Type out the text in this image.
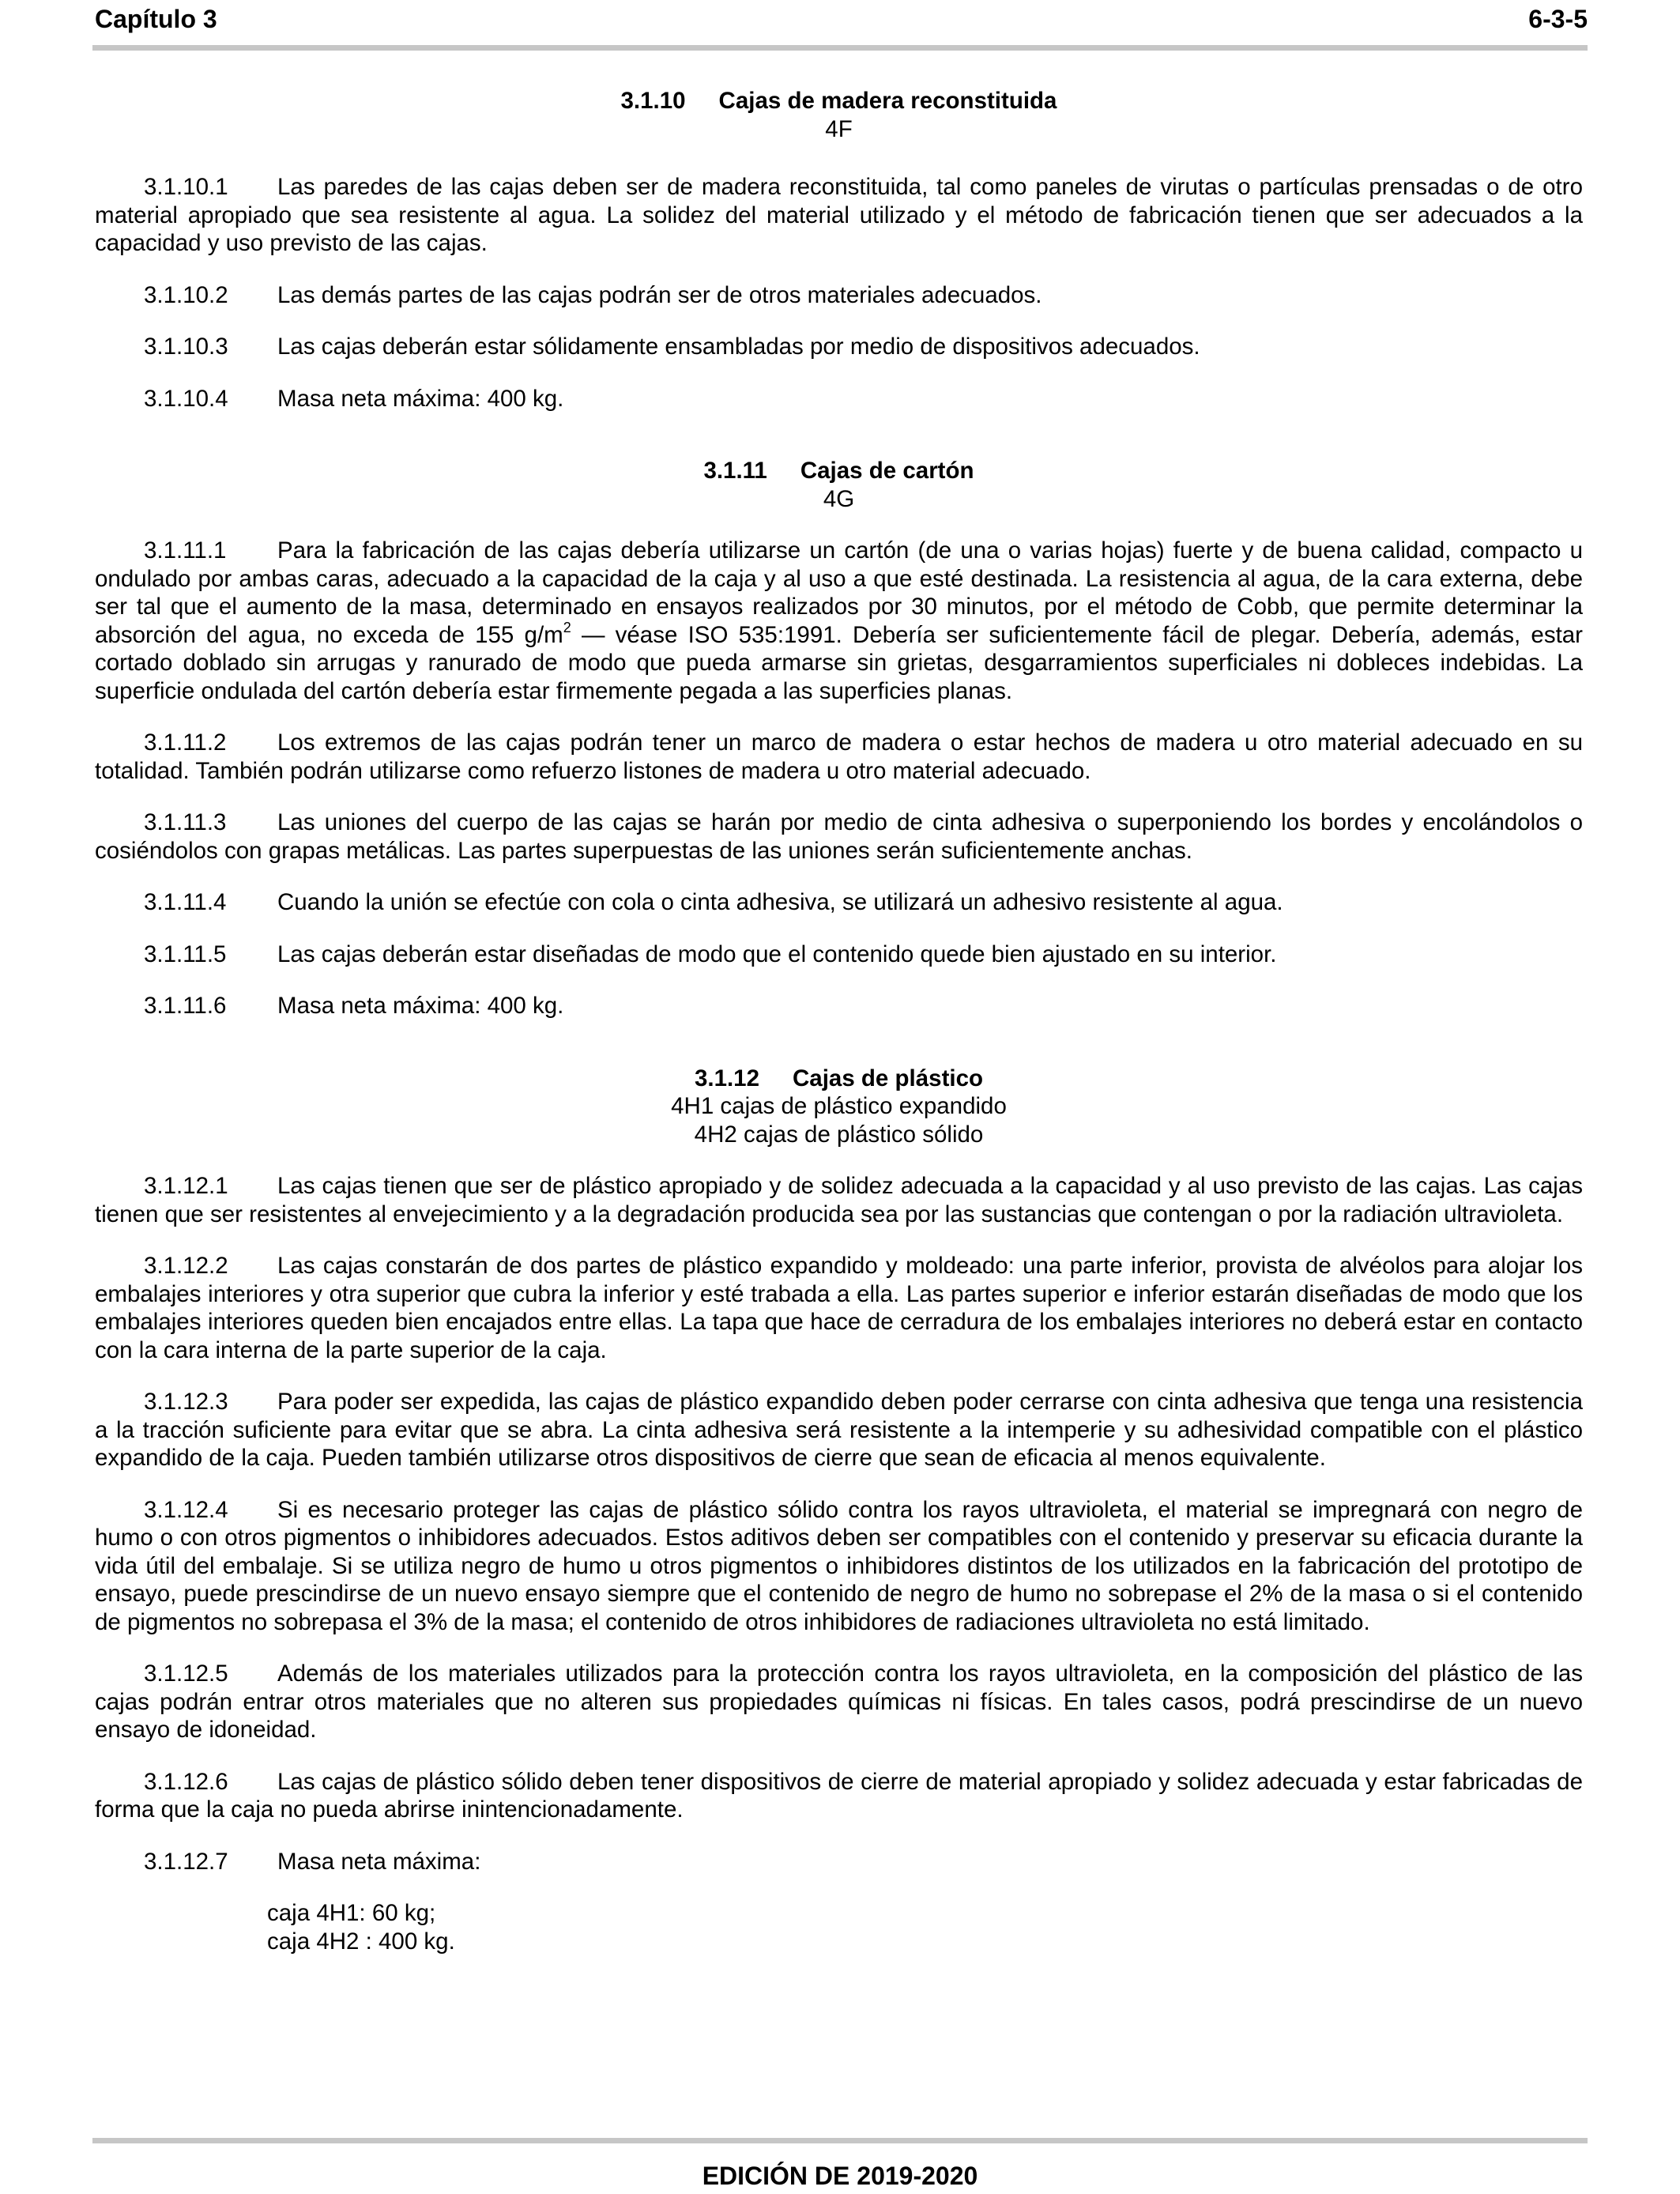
Capítulo 3	6-3-5
3.1.10 Cajas de madera reconstituida
4F

3.1.10.1 Las paredes de las cajas deben ser de madera reconstituida, tal como paneles de virutas o partículas prensadas o de otro material apropiado que sea resistente al agua. La solidez del material utilizado y el método de fabricación tienen que ser adecuados a la capacidad y uso previsto de las cajas.

3.1.10.2 Las demás partes de las cajas podrán ser de otros materiales adecuados.

3.1.10.3 Las cajas deberán estar sólidamente ensambladas por medio de dispositivos adecuados.

3.1.10.4 Masa neta máxima: 400 kg.

3.1.11 Cajas de cartón
4G

3.1.11.1 Para la fabricación de las cajas debería utilizarse un cartón (de una o varias hojas) fuerte y de buena calidad, compacto u ondulado por ambas caras, adecuado a la capacidad de la caja y al uso a que esté destinada. La resistencia al agua, de la cara externa, debe ser tal que el aumento de la masa, determinado en ensayos realizados por 30 minutos, por el método de Cobb, que permite determinar la absorción del agua, no exceda de 155 $g/m^2$ — véase ISO 535:1991. Debería ser suficientemente fácil de plegar. Debería, además, estar cortado doblado sin arrugas y ranurado de modo que pueda armarse sin grietas, desgarramientos superficiales ni dobleces indebidas. La superficie ondulada del cartón debería estar firmemente pegada a las superficies planas.

3.1.11.2 Los extremos de las cajas podrán tener un marco de madera o estar hechos de madera u otro material adecuado en su totalidad. También podrán utilizarse como refuerzo listones de madera u otro material adecuado.

3.1.11.3 Las uniones del cuerpo de las cajas se harán por medio de cinta adhesiva o superponiendo los bordes y encolándolos o cosiéndolos con grapas metálicas. Las partes superpuestas de las uniones serán suficientemente anchas.

3.1.11.4 Cuando la unión se efectúe con cola o cinta adhesiva, se utilizará un adhesivo resistente al agua.

3.1.11.5 Las cajas deberán estar diseñadas de modo que el contenido quede bien ajustado en su interior.

3.1.11.6 Masa neta máxima: 400 kg.

3.1.12 Cajas de plástico
4H1 cajas de plástico expandido
4H2 cajas de plástico sólido

3.1.12.1 Las cajas tienen que ser de plástico apropiado y de solidez adecuada a la capacidad y al uso previsto de las cajas. Las cajas tienen que ser resistentes al envejecimiento y a la degradación producida sea por las sustancias que contengan o por la radiación ultravioleta.

3.1.12.2 Las cajas constarán de dos partes de plástico expandido y moldeado: una parte inferior, provista de alvéolos para alojar los embalajes interiores y otra superior que cubra la inferior y esté trabada a ella. Las partes superior e inferior estarán diseñadas de modo que los embalajes interiores queden bien encajados entre ellas. La tapa que hace de cerradura de los embalajes interiores no deberá estar en contacto con la cara interna de la parte superior de la caja.

3.1.12.3 Para poder ser expedida, las cajas de plástico expandido deben poder cerrarse con cinta adhesiva que tenga una resistencia a la tracción suficiente para evitar que se abra. La cinta adhesiva será resistente a la intemperie y su adhesividad compatible con el plástico expandido de la caja. Pueden también utilizarse otros dispositivos de cierre que sean de eficacia al menos equivalente.

3.1.12.4 Si es necesario proteger las cajas de plástico sólido contra los rayos ultravioleta, el material se impregnará con negro de humo o con otros pigmentos o inhibidores adecuados. Estos aditivos deben ser compatibles con el contenido y preservar su eficacia durante la vida útil del embalaje. Si se utiliza negro de humo u otros pigmentos o inhibidores distintos de los utilizados en la fabricación del prototipo de ensayo, puede prescindirse de un nuevo ensayo siempre que el contenido de negro de humo no sobrepase el 2% de la masa o si el contenido de pigmentos no sobrepasa el 3% de la masa; el contenido de otros inhibidores de radiaciones ultravioleta no está limitado.

3.1.12.5 Además de los materiales utilizados para la protección contra los rayos ultravioleta, en la composición del plástico de las cajas podrán entrar otros materiales que no alteren sus propiedades químicas ni físicas. En tales casos, podrá prescindirse de un nuevo ensayo de idoneidad.

3.1.12.6 Las cajas de plástico sólido deben tener dispositivos de cierre de material apropiado y solidez adecuada y estar fabricadas de forma que la caja no pueda abrirse inintencionadamente.

3.1.12.7 Masa neta máxima:

caja 4H1: 60 kg;

caja 4H2 : 400 kg.

EDICIÓN DE 2019-2020
